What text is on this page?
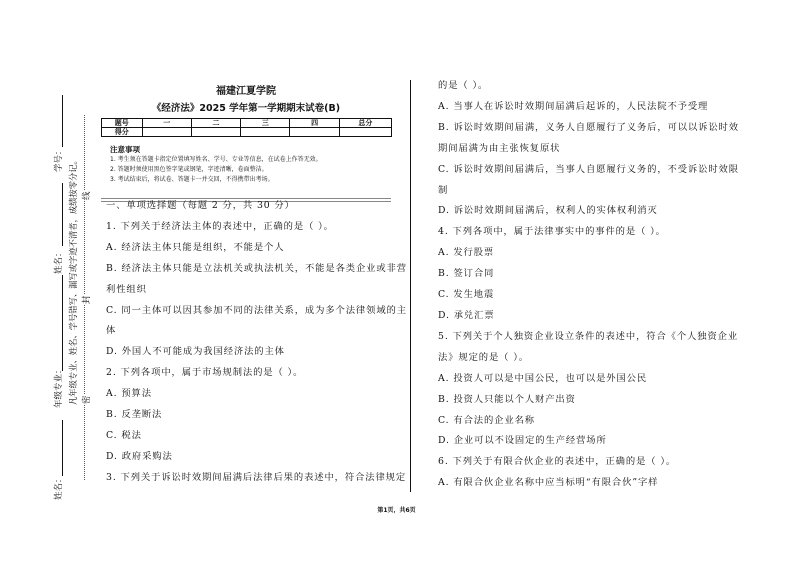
学号：
姓名：
年级专业：
姓名：
凡年级专业、姓名、学号错写、漏写或字迹不清者，成绩按零分记。 密
封
线
福建江夏学院
《经济法》2025 学年第一学期期末试卷(B)
题号	一	二	三	四	总分
得分					
注意事项
1. 考生须在答题卡指定位置填写姓名、学号、专业等信息，在试卷上作答无效。
2. 答题时须使用黑色签字笔或钢笔，字迹清晰，卷面整洁。
3. 考试结束后，将试卷、答题卡一并交回，不得携带出考场。
一、单项选择题（每题 2 分，共 30 分）
1. 下列关于经济法主体的表述中，正确的是（ ）。
A. 经济法主体只能是组织，不能是个人
B. 经济法主体只能是立法机关或执法机关，不能是各类企业或非营
利性组织
C. 同一主体可以因其参加不同的法律关系，成为多个法律领域的主
体
D. 外国人不可能成为我国经济法的主体
2. 下列各项中，属于市场规制法的是（ ）。
A. 预算法
B. 反垄断法
C. 税法
D. 政府采购法
3. 下列关于诉讼时效期间届满后法律后果的表述中，符合法律规定
的是（ ）。
A. 当事人在诉讼时效期间届满后起诉的，人民法院不予受理
B. 诉讼时效期间届满，义务人自愿履行了义务后，可以以诉讼时效
期间届满为由主张恢复原状
C. 诉讼时效期间届满后，当事人自愿履行义务的，不受诉讼时效限
制
D. 诉讼时效期间届满后，权利人的实体权利消灭
4. 下列各项中，属于法律事实中的事件的是（ ）。
A. 发行股票
B. 签订合同
C. 发生地震
D. 承兑汇票
5. 下列关于个人独资企业设立条件的表述中，符合《个人独资企业
法》规定的是（ ）。
A. 投资人可以是中国公民，也可以是外国公民
B. 投资人只能以个人财产出资
C. 有合法的企业名称
D. 企业可以不设固定的生产经营场所
6. 下列关于有限合伙企业的表述中，正确的是（ ）。
A. 有限合伙企业名称中应当标明“有限合伙”字样
第1页，共6页
